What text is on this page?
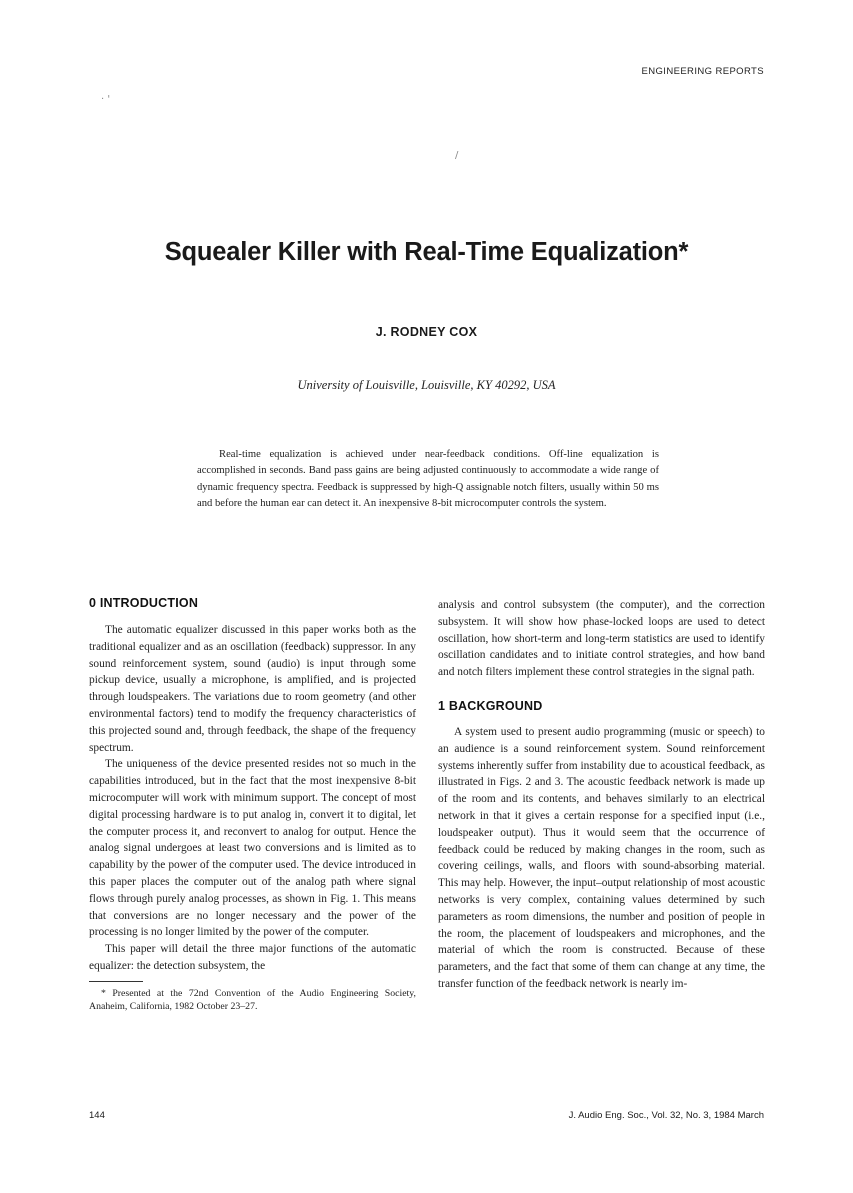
· '
/
ENGINEERING REPORTS
Squealer Killer with Real-Time Equalization*
J. RODNEY COX
University of Louisville, Louisville, KY 40292, USA

Real-time equalization is achieved under near-feedback conditions. Off-line equalization is accomplished in seconds. Band pass gains are being adjusted continuously to accommodate a wide range of dynamic frequency spectra. Feedback is suppressed by high-Q assignable notch filters, usually within 50 ms and before the human ear can detect it. An inexpensive 8-bit microcomputer controls the system.

0 INTRODUCTION

The automatic equalizer discussed in this paper works both as the traditional equalizer and as an oscillation (feedback) suppressor. In any sound reinforcement system, sound (audio) is input through some pickup device, usually a microphone, is amplified, and is projected through loudspeakers. The variations due to room geometry (and other environmental factors) tend to modify the frequency characteristics of this projected sound and, through feedback, the shape of the frequency spectrum.

The uniqueness of the device presented resides not so much in the capabilities introduced, but in the fact that the most inexpensive 8-bit microcomputer will work with minimum support. The concept of most digital processing hardware is to put analog in, convert it to digital, let the computer process it, and reconvert to analog for output. Hence the analog signal undergoes at least two conversions and is limited as to capability by the power of the computer used. The device introduced in this paper places the computer out of the analog path where signal flows through purely analog processes, as shown in Fig. 1. This means that conversions are no longer necessary and the power of the processing is no longer limited by the power of the computer.

This paper will detail the three major functions of the automatic equalizer: the detection subsystem, the

* Presented at the 72nd Convention of the Audio Engineering Society, Anaheim, California, 1982 October 23–27.

analysis and control subsystem (the computer), and the correction subsystem. It will show how phase-locked loops are used to detect oscillation, how short-term and long-term statistics are used to identify oscillation candidates and to initiate control strategies, and how band and notch filters implement these control strategies in the signal path.

1 BACKGROUND

A system used to present audio programming (music or speech) to an audience is a sound reinforcement system. Sound reinforcement systems inherently suffer from instability due to acoustical feedback, as illustrated in Figs. 2 and 3. The acoustic feedback network is made up of the room and its contents, and behaves similarly to an electrical network in that it gives a certain response for a specified input (i.e., loudspeaker output). Thus it would seem that the occurrence of feedback could be reduced by making changes in the room, such as covering ceilings, walls, and floors with sound-absorbing material. This may help. However, the input–output relationship of most acoustic networks is very complex, containing values determined by such parameters as room dimensions, the number and position of people in the room, the placement of loudspeakers and microphones, and the material of which the room is constructed. Because of these parameters, and the fact that some of them can change at any time, the transfer function of the feedback network is nearly im-

144	J. Audio Eng. Soc., Vol. 32, No. 3, 1984 March
